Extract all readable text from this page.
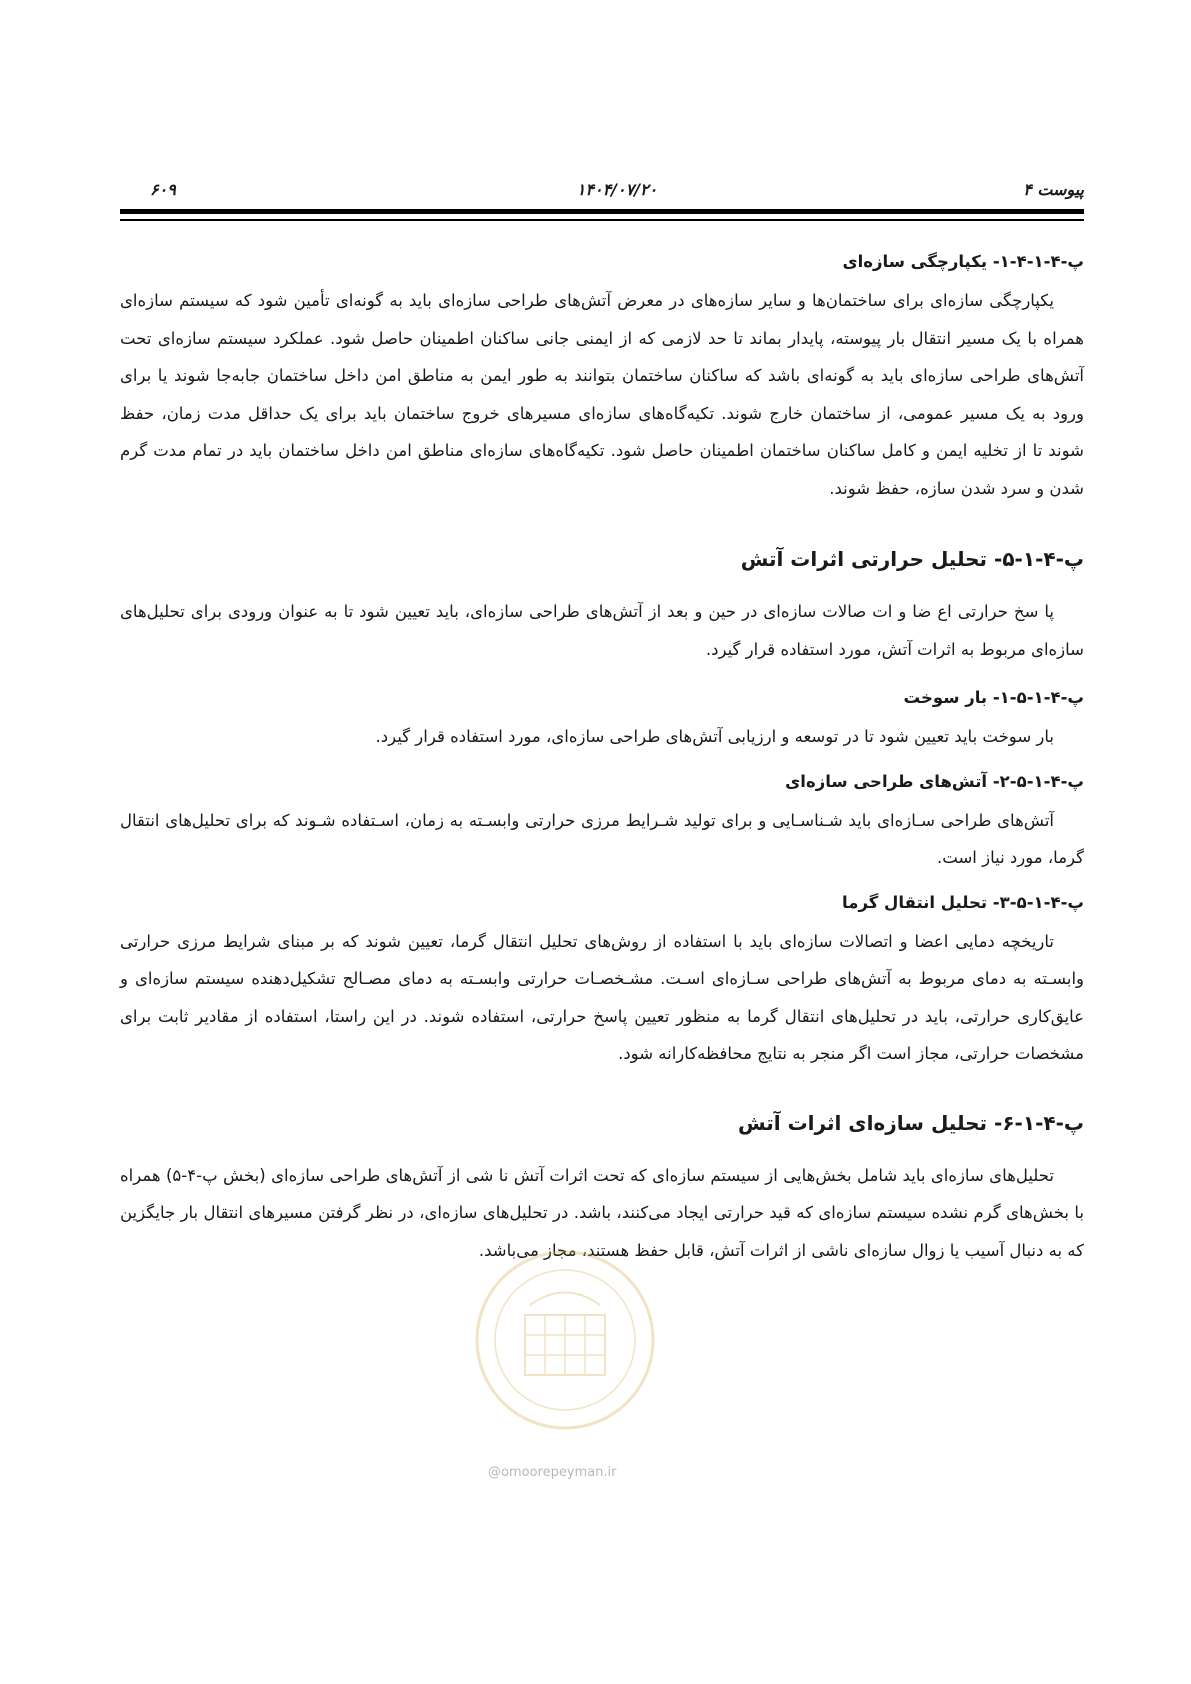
پیوست ۴
۱۴۰۴/۰۷/۲۰
۶۰۹
پ-۴-۱-۴-۱- یکپارچگی سازه‌ای

یکپارچگی سازه‌ای برای ساختمان‌ها و سایر سازه‌های در معرض آتش‌های طراحی سازه‌ای باید به گونه‌ای تأمین شود که سیستم سازه‌ای همراه با یک مسیر انتقال بار پیوسته، پایدار بماند تا حد لازمی که از ایمنی جانی ساکنان اطمینان حاصل شود. عملکرد سیستم سازه‌ای تحت آتش‌های طراحی سازه‌ای باید به گونه‌ای باشد که ساکنان ساختمان بتوانند به طور ایمن به مناطق امن داخل ساختمان جابه‌جا شوند یا برای ورود به یک مسیر عمومی، از ساختمان خارج شوند. تکیه‌گاه‌های سازه‌ای مسیرهای خروج ساختمان باید برای یک حداقل مدت زمان، حفظ شوند تا از تخلیه ایمن و کامل ساکنان ساختمان اطمینان حاصل شود. تکیه‌گاه‌های سازه‌ای مناطق امن داخل ساختمان باید در تمام مدت گرم شدن و سرد شدن سازه، حفظ شوند.

پ-۴-۱-۵- تحلیل حرارتی اثرات آتش

پا سخ حرارتی اع ضا و ات صالات سازه‌ای در حین و بعد از آتش‌های طراحی سازه‌ای، باید تعیین شود تا به عنوان ورودی برای تحلیل‌های سازه‌ای مربوط به اثرات آتش، مورد استفاده قرار گیرد.

پ-۴-۱-۵-۱- بار سوخت

بار سوخت باید تعیین شود تا در توسعه و ارزیابی آتش‌های طراحی سازه‌ای، مورد استفاده قرار گیرد.

پ-۴-۱-۵-۲- آتش‌های طراحی سازه‌ای

آتش‌های طراحی سـازه‌ای باید شـناسـایی و برای تولید شـرایط مرزی حرارتی وابسـته به زمان، اسـتفاده شـوند که برای تحلیل‌های انتقال گرما، مورد نیاز است.

پ-۴-۱-۵-۳- تحلیل انتقال گرما

تاریخچه دمایی اعضا و اتصالات سازه‌ای باید با استفاده از روش‌های تحلیل انتقال گرما، تعیین شوند که بر مبنای شرایط مرزی حرارتی وابسـته به دمای مربوط به آتش‌های طراحی سـازه‌ای اسـت. مشـخصـات حرارتی وابسـته به دمای مصـالح تشکیل‌دهنده سیستم سازه‌ای و عایق‌کاری حرارتی، باید در تحلیل‌های انتقال گرما به منظور تعیین پاسخ حرارتی، استفاده شوند. در این راستا، استفاده از مقادیر ثابت برای مشخصات حرارتی، مجاز است اگر منجر به نتایج محافظه‌کارانه شود.

پ-۴-۱-۶- تحلیل سازه‌ای اثرات آتش

تحلیل‌های سازه‌ای باید شامل بخش‌هایی از سیستم سازه‌ای که تحت اثرات آتش نا شی از آتش‌های طراحی سازه‌ای (بخش پ-۴-۵) همراه با بخش‌های گرم نشده سیستم سازه‌ای که قید حرارتی ایجاد می‌کنند، باشد. در تحلیل‌های سازه‌ای، در نظر گرفتن مسیرهای انتقال بار جایگزین که به دنبال آسیب یا زوال سازه‌ای ناشی از اثرات آتش، قابل حفظ هستند، مجاز می‌باشد.

@omoorepeyman.ir
